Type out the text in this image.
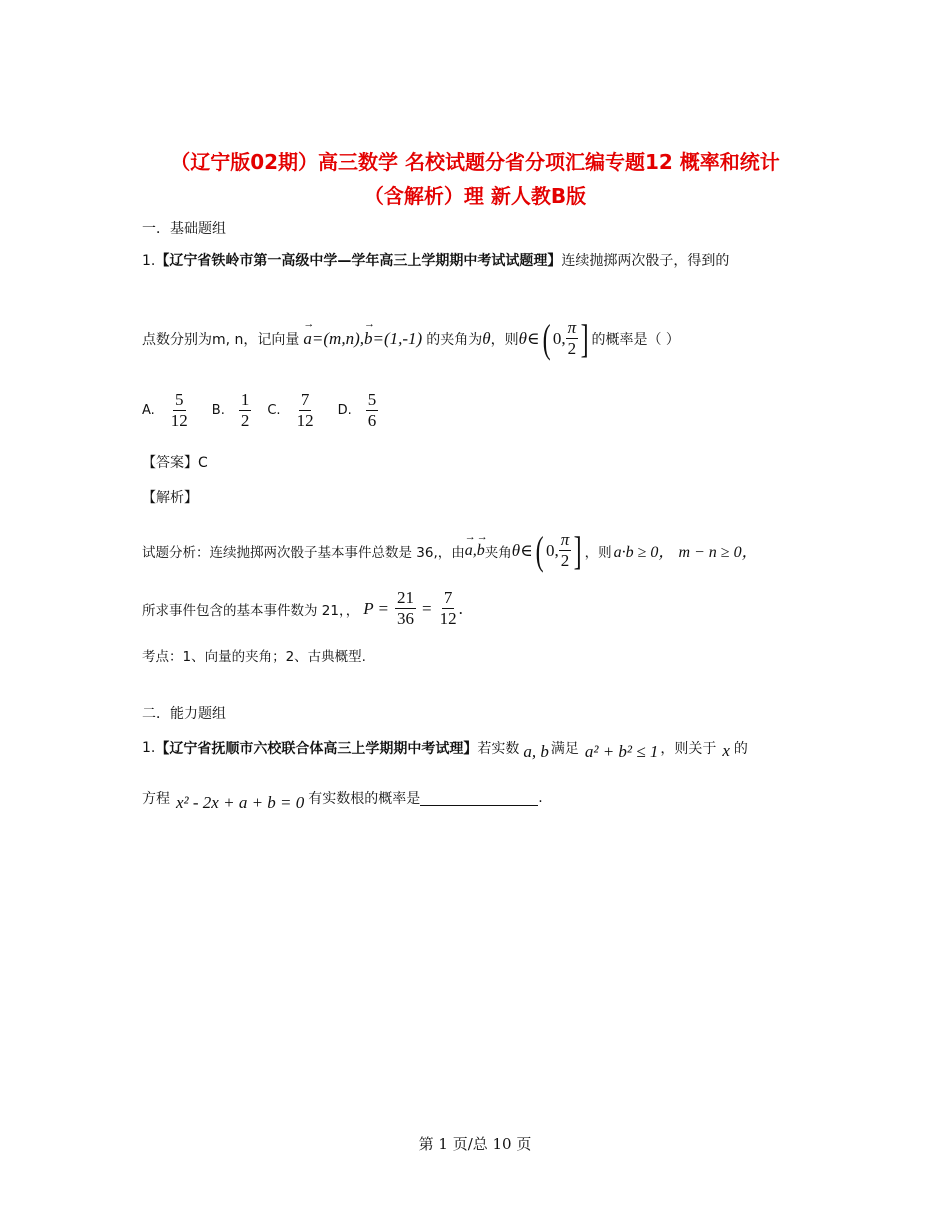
（辽宁版02期）高三数学 名校试题分省分项汇编专题12 概率和统计
（含解析）理 新人教B版
一．基础题组
1.【辽宁省铁岭市第一高级中学—学年高三上学期期中考试试题理】连续抛掷两次骰子，得到的
点数分别为m, n，记向量 → a=(m,n),→ b=(1,-1) 的夹角为 θ ，则 θ∈ ( 0, $\frac{\pi}{2}$ ] 的概率是（ ）
A. $\frac{5}{12} B$. $\frac{1}{2} C$. $\frac{7}{12} D$. $\frac{5}{6}$
【答案】C
【解析】
试题分析：连续抛掷两次骰子基本事件总数是 36,，由 → a,→ b 夹角 θ∈ ( 0, $\frac{\pi}{2}$ ] ，则 a·b ≥ 0， m − n ≥ 0，
所求事件包含的基本事件数为 21，， $P = \frac{21}{36} = \frac{7}{12}$ .
考点：1、向量的夹角；2、古典概型.
二．能力题组
1. 【辽宁省抚顺市六校联合体高三上学期期中考试理】 若实数 a, b 满足 a² + b² ≤ 1 ，则关于 x 的
方程 x² - 2x + a + b = 0 有实数根的概率是	.
第 1 页/总 10 页
